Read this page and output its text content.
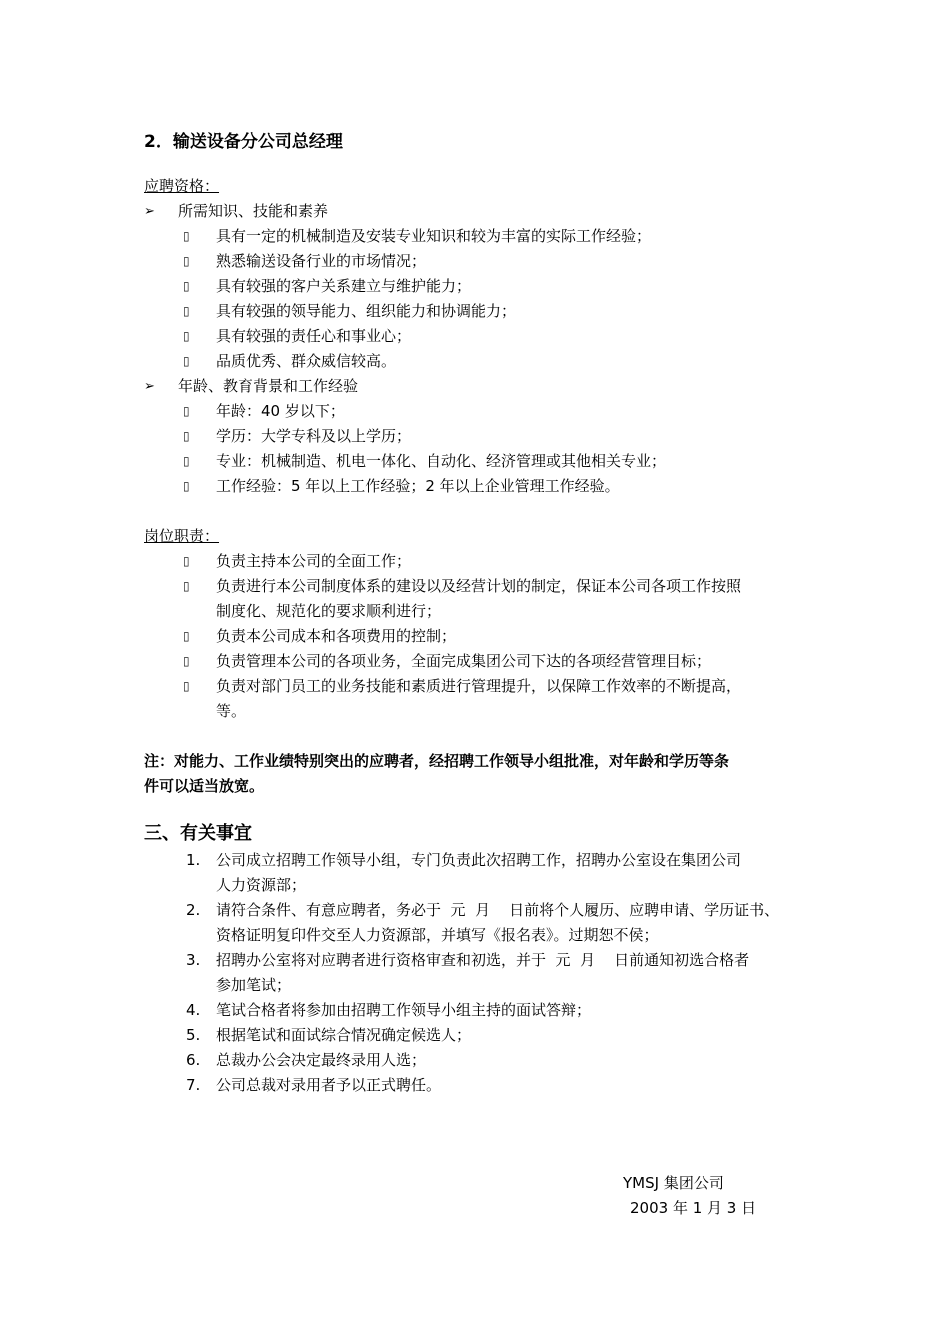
2．输送设备分公司总经理
应聘资格：
➢ 所需知识、技能和素养
▯ 具有一定的机械制造及安装专业知识和较为丰富的实际工作经验；
▯ 熟悉输送设备行业的市场情况；
▯ 具有较强的客户关系建立与维护能力；
▯ 具有较强的领导能力、组织能力和协调能力；
▯ 具有较强的责任心和事业心；
▯ 品质优秀、群众威信较高。
➢ 年龄、教育背景和工作经验
▯ 年龄：40 岁以下；
▯ 学历：大学专科及以上学历；
▯ 专业：机械制造、机电一体化、自动化、经济管理或其他相关专业；
▯ 工作经验：5 年以上工作经验；2 年以上企业管理工作经验。
岗位职责：
▯ 负责主持本公司的全面工作；
▯ 负责进行本公司制度体系的建设以及经营计划的制定，保证本公司各项工作按照
制度化、规范化的要求顺利进行；
▯ 负责本公司成本和各项费用的控制；
▯ 负责管理本公司的各项业务，全面完成集团公司下达的各项经营管理目标；
▯ 负责对部门员工的业务技能和素质进行管理提升，以保障工作效率的不断提高，
等。
注：对能力、工作业绩特别突出的应聘者，经招聘工作领导小组批准，对年龄和学历等条
件可以适当放宽。
三、有关事宜
1. 公司成立招聘工作领导小组，专门负责此次招聘工作，招聘办公室设在集团公司
人力资源部；
2. 请符合条件、有意应聘者，务必于  元  月    日前将个人履历、应聘申请、学历证书、
资格证明复印件交至人力资源部，并填写《报名表》。过期恕不侯；
3. 招聘办公室将对应聘者进行资格审查和初选，并于  元  月    日前通知初选合格者
参加笔试；
4. 笔试合格者将参加由招聘工作领导小组主持的面试答辩；
5. 根据笔试和面试综合情况确定候选人；
6. 总裁办公会决定最终录用人选；
7. 公司总裁对录用者予以正式聘任。
YMSJ 集团公司
2003 年 1 月 3 日
